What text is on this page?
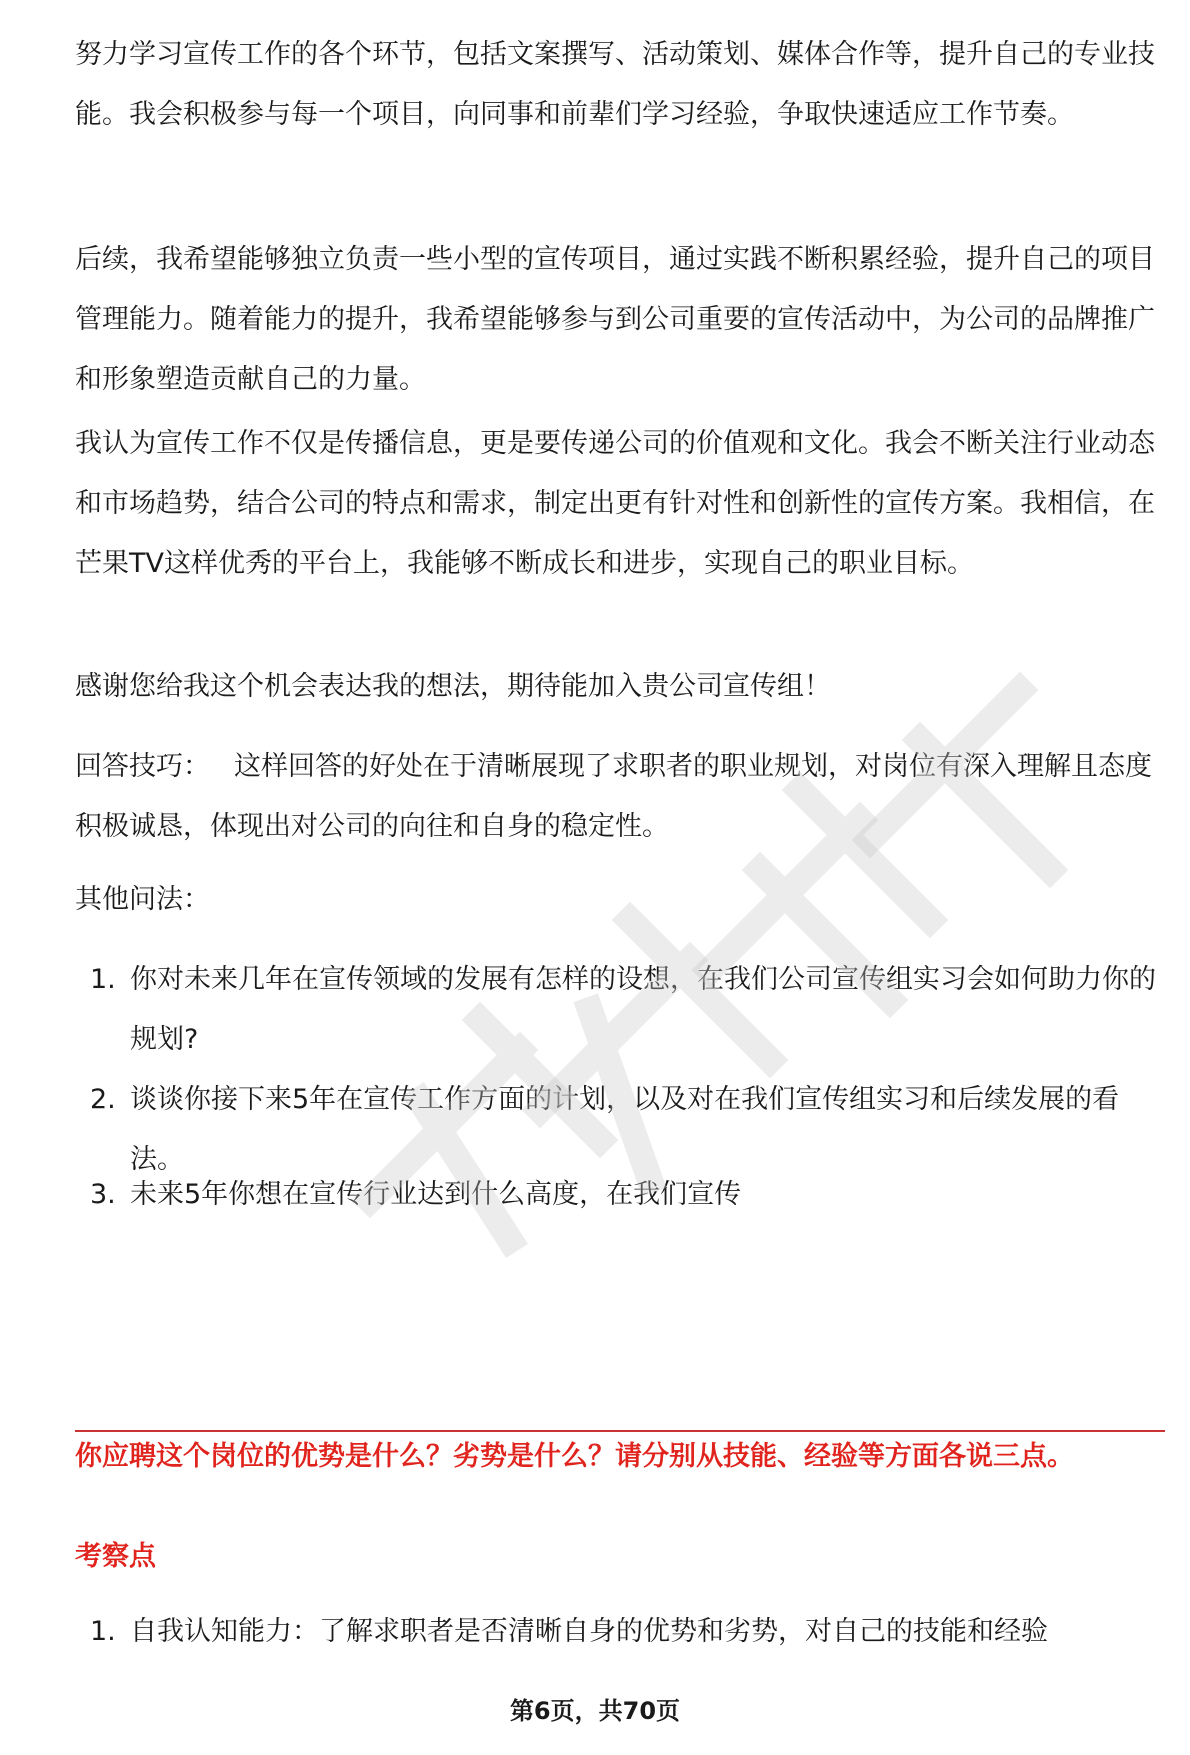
努力学习宣传工作的各个环节，包括文案撰写、活动策划、媒体合作等，提升自己的专业技能。我会积极参与每一个项目，向同事和前辈们学习经验，争取快速适应工作节奏。

后续，我希望能够独立负责一些小型的宣传项目，通过实践不断积累经验，提升自己的项目管理能力。随着能力的提升，我希望能够参与到公司重要的宣传活动中，为公司的品牌推广和形象塑造贡献自己的力量。

我认为宣传工作不仅是传播信息，更是要传递公司的价值观和文化。我会不断关注行业动态和市场趋势，结合公司的特点和需求，制定出更有针对性和创新性的宣传方案。我相信，在芒果TV这样优秀的平台上，我能够不断成长和进步，实现自己的职业目标。

感谢您给我这个机会表达我的想法，期待能加入贵公司宣传组！

回答技巧： 这样回答的好处在于清晰展现了求职者的职业规划，对岗位有深入理解且态度积极诚恳，体现出对公司的向往和自身的稳定性。

其他问法：

1. 你对未来几年在宣传领域的发展有怎样的设想，在我们公司宣传组实习会如何助力你的规划?
2. 谈谈你接下来5年在宣传工作方面的计划，以及对在我们宣传组实习和后续发展的看法。
3. 未来5年你想在宣传行业达到什么高度，在我们宣传

你应聘这个岗位的优势是什么？劣势是什么？请分别从技能、经验等方面各说三点。

考察点

1. 自我认知能力：了解求职者是否清晰自身的优势和劣势，对自己的技能和经验
第6页，共70页
